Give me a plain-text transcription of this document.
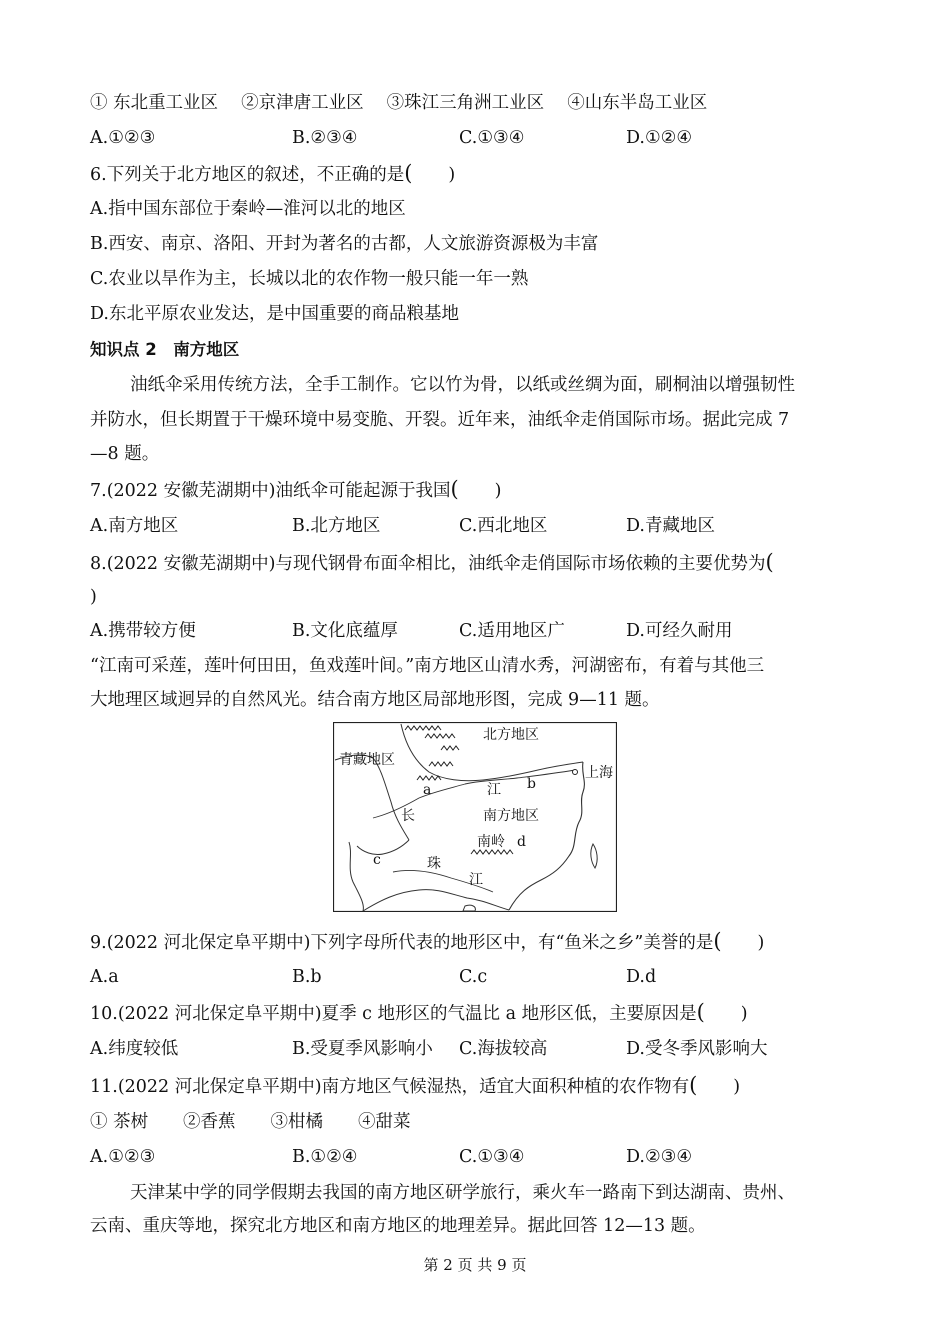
① 东北重工业区　 ②京津唐工业区　 ③珠江三角洲工业区　 ④山东半岛工业区
A.①②③	B.②③④	C.①③④	D.①②④
6.下列关于北方地区的叙述，不正确的是( )
A.指中国东部位于秦岭—淮河以北的地区
B.西安、南京、洛阳、开封为著名的古都，人文旅游资源极为丰富
C.农业以旱作为主，长城以北的农作物一般只能一年一熟
D.东北平原农业发达，是中国重要的商品粮基地
知识点 2　南方地区
油纸伞采用传统方法，全手工制作。它以竹为骨，以纸或丝绸为面，刷桐油以增强韧性
并防水，但长期置于干燥环境中易变脆、开裂。近年来，油纸伞走俏国际市场。据此完成 7
—8 题。
7.(2022 安徽芜湖期中)油纸伞可能起源于我国( )
A.南方地区	B.北方地区	C.西北地区	D.青藏地区
8.(2022 安徽芜湖期中)与现代钢骨布面伞相比，油纸伞走俏国际市场依赖的主要优势为(
)
A.携带较方便	B.文化底蕴厚	C.适用地区广	D.可经久耐用
“江南可采莲，莲叶何田田，鱼戏莲叶间。”南方地区山清水秀，河湖密布，有着与其他三
大地理区域迥异的自然风光。结合南方地区局部地形图，完成 9—11 题。
北方地区
青藏地区
南方地区
上海
南岭
长
江
珠
江
a	b
c
d
9.(2022 河北保定阜平期中)下列字母所代表的地形区中，有“鱼米之乡”美誉的是( )
A.a	B.b	C.c	D.d
10.(2022 河北保定阜平期中)夏季 c 地形区的气温比 a 地形区低，主要原因是( )
A.纬度较低	B.受夏季风影响小 C.海拔较高	D.受冬季风影响大
11.(2022 河北保定阜平期中)南方地区气候湿热，适宜大面积种植的农作物有( )
① 茶树　　②香蕉　　③柑橘　　④甜菜
A.①②③	B.①②④	C.①③④	D.②③④
天津某中学的同学假期去我国的南方地区研学旅行，乘火车一路南下到达湖南、贵州、
云南、重庆等地，探究北方地区和南方地区的地理差异。据此回答 12—13 题。
第 2 页 共 9 页
